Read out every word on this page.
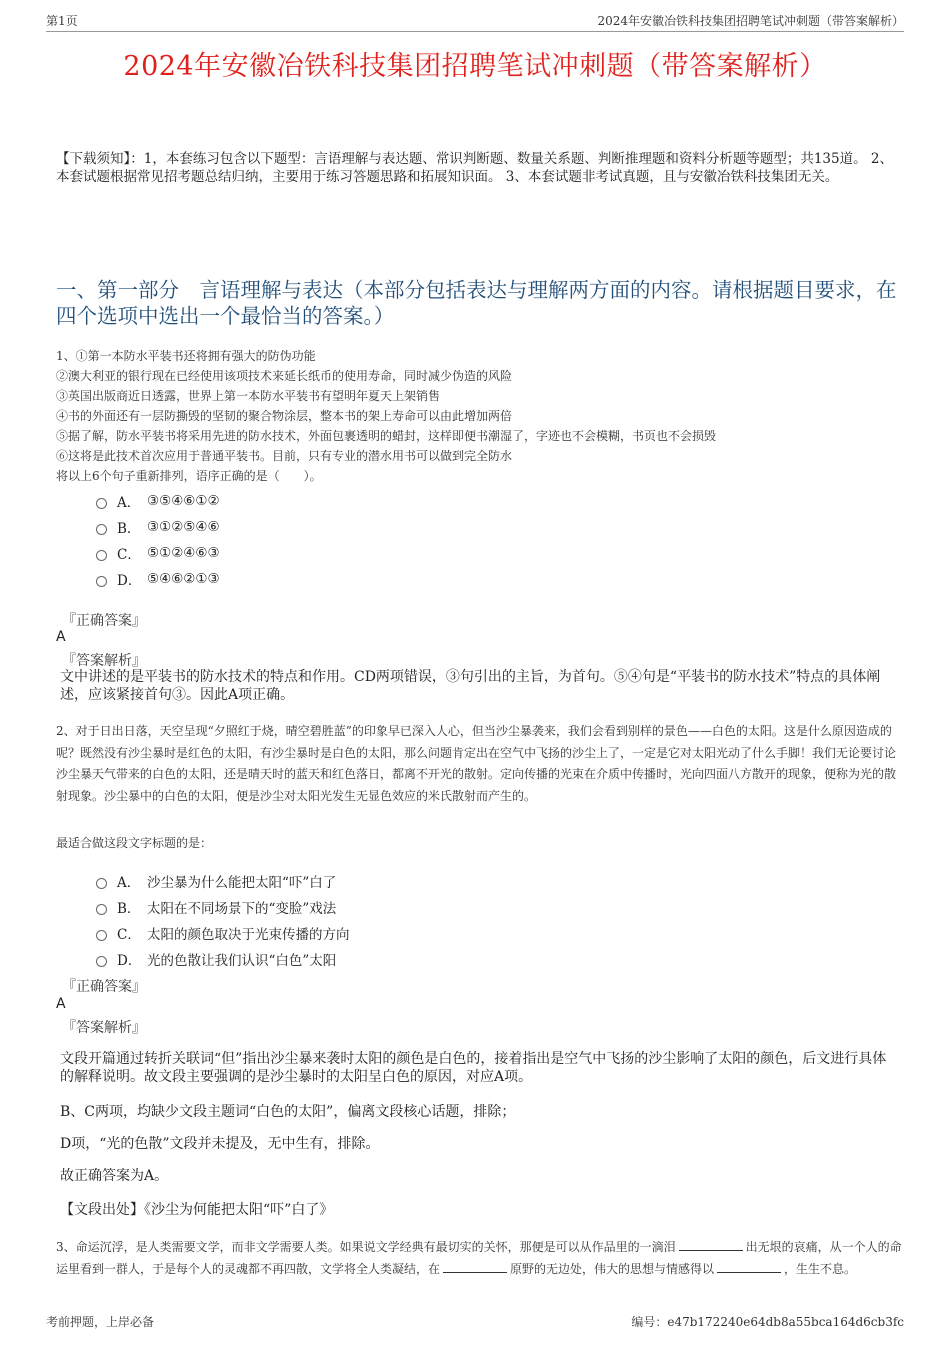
第1页	2024年安徽冶铁科技集团招聘笔试冲刺题（带答案解析）
2024年安徽冶铁科技集团招聘笔试冲刺题（带答案解析）
【下载须知】：1，本套练习包含以下题型：言语理解与表达题、常识判断题、数量关系题、判断推理题和资料分析题等题型；共135道。 2、本套试题根据常见招考题总结归纳，主要用于练习答题思路和拓展知识面。 3、本套试题非考试真题，且与安徽冶铁科技集团无关。
一、第一部分　言语理解与表达（本部分包括表达与理解两方面的内容。请根据题目要求，在四个选项中选出一个最恰当的答案。）
1、①第一本防水平装书还将拥有强大的防伪功能
②澳大利亚的银行现在已经使用该项技术来延长纸币的使用寿命，同时减少伪造的风险
③英国出版商近日透露，世界上第一本防水平装书有望明年夏天上架销售
④书的外面还有一层防撕毁的坚韧的聚合物涂层，整本书的架上寿命可以由此增加两倍
⑤据了解，防水平装书将采用先进的防水技术，外面包裹透明的蜡封，这样即便书潮湿了，字迹也不会模糊，书页也不会损毁
⑥这将是此技术首次应用于普通平装书。目前，只有专业的潜水用书可以做到完全防水
将以上6个句子重新排列，语序正确的是（　　）。
A． ③⑤④⑥①②
B． ③①②⑤④⑥
C． ⑤①②④⑥③
D． ⑤④⑥②①③
『正确答案』
A
『答案解析』
文中讲述的是平装书的防水技术的特点和作用。CD两项错误，③句引出的主旨，为首句。⑤④句是“平装书的防水技术”特点的具体阐述，应该紧接首句③。因此A项正确。
2、对于日出日落，天空呈现“夕照红于烧，晴空碧胜蓝”的印象早已深入人心，但当沙尘暴袭来，我们会看到别样的景色——白色的太阳。这是什么原因造成的呢？既然没有沙尘暴时是红色的太阳，有沙尘暴时是白色的太阳，那么问题肯定出在空气中飞扬的沙尘上了，一定是它对太阳光动了什么手脚！我们无论要讨论沙尘暴天气带来的白色的太阳，还是晴天时的蓝天和红色落日，都离不开光的散射。定向传播的光束在介质中传播时，光向四面八方散开的现象，便称为光的散射现象。沙尘暴中的白色的太阳，便是沙尘对太阳光发生无显色效应的米氏散射而产生的。
最适合做这段文字标题的是：
A． 沙尘暴为什么能把太阳“吓”白了
B． 太阳在不同场景下的“变脸”戏法
C． 太阳的颜色取决于光束传播的方向
D． 光的色散让我们认识“白色”太阳
『正确答案』
A
『答案解析』
文段开篇通过转折关联词“但”指出沙尘暴来袭时太阳的颜色是白色的，接着指出是空气中飞扬的沙尘影响了太阳的颜色，后文进行具体的解释说明。故文段主要强调的是沙尘暴时的太阳呈白色的原因，对应A项。
B、C两项，均缺少文段主题词“白色的太阳”，偏离文段核心话题，排除；
D项，“光的色散”文段并未提及，无中生有，排除。
故正确答案为A。
【文段出处】《沙尘为何能把太阳“吓”白了》
3、命运沉浮，是人类需要文学，而非文学需要人类。如果说文学经典有最切实的关怀，那便是可以从作品里的一滴泪	出无垠的哀痛，从一个人的命运里看到一群人，于是每个人的灵魂都不再四散，文学将全人类凝结，在	原野的无边处，伟大的思想与情感得以	，生生不息。
考前押题，上岸必备	编号：e47b172240e64db8a55bca164d6cb3fc
